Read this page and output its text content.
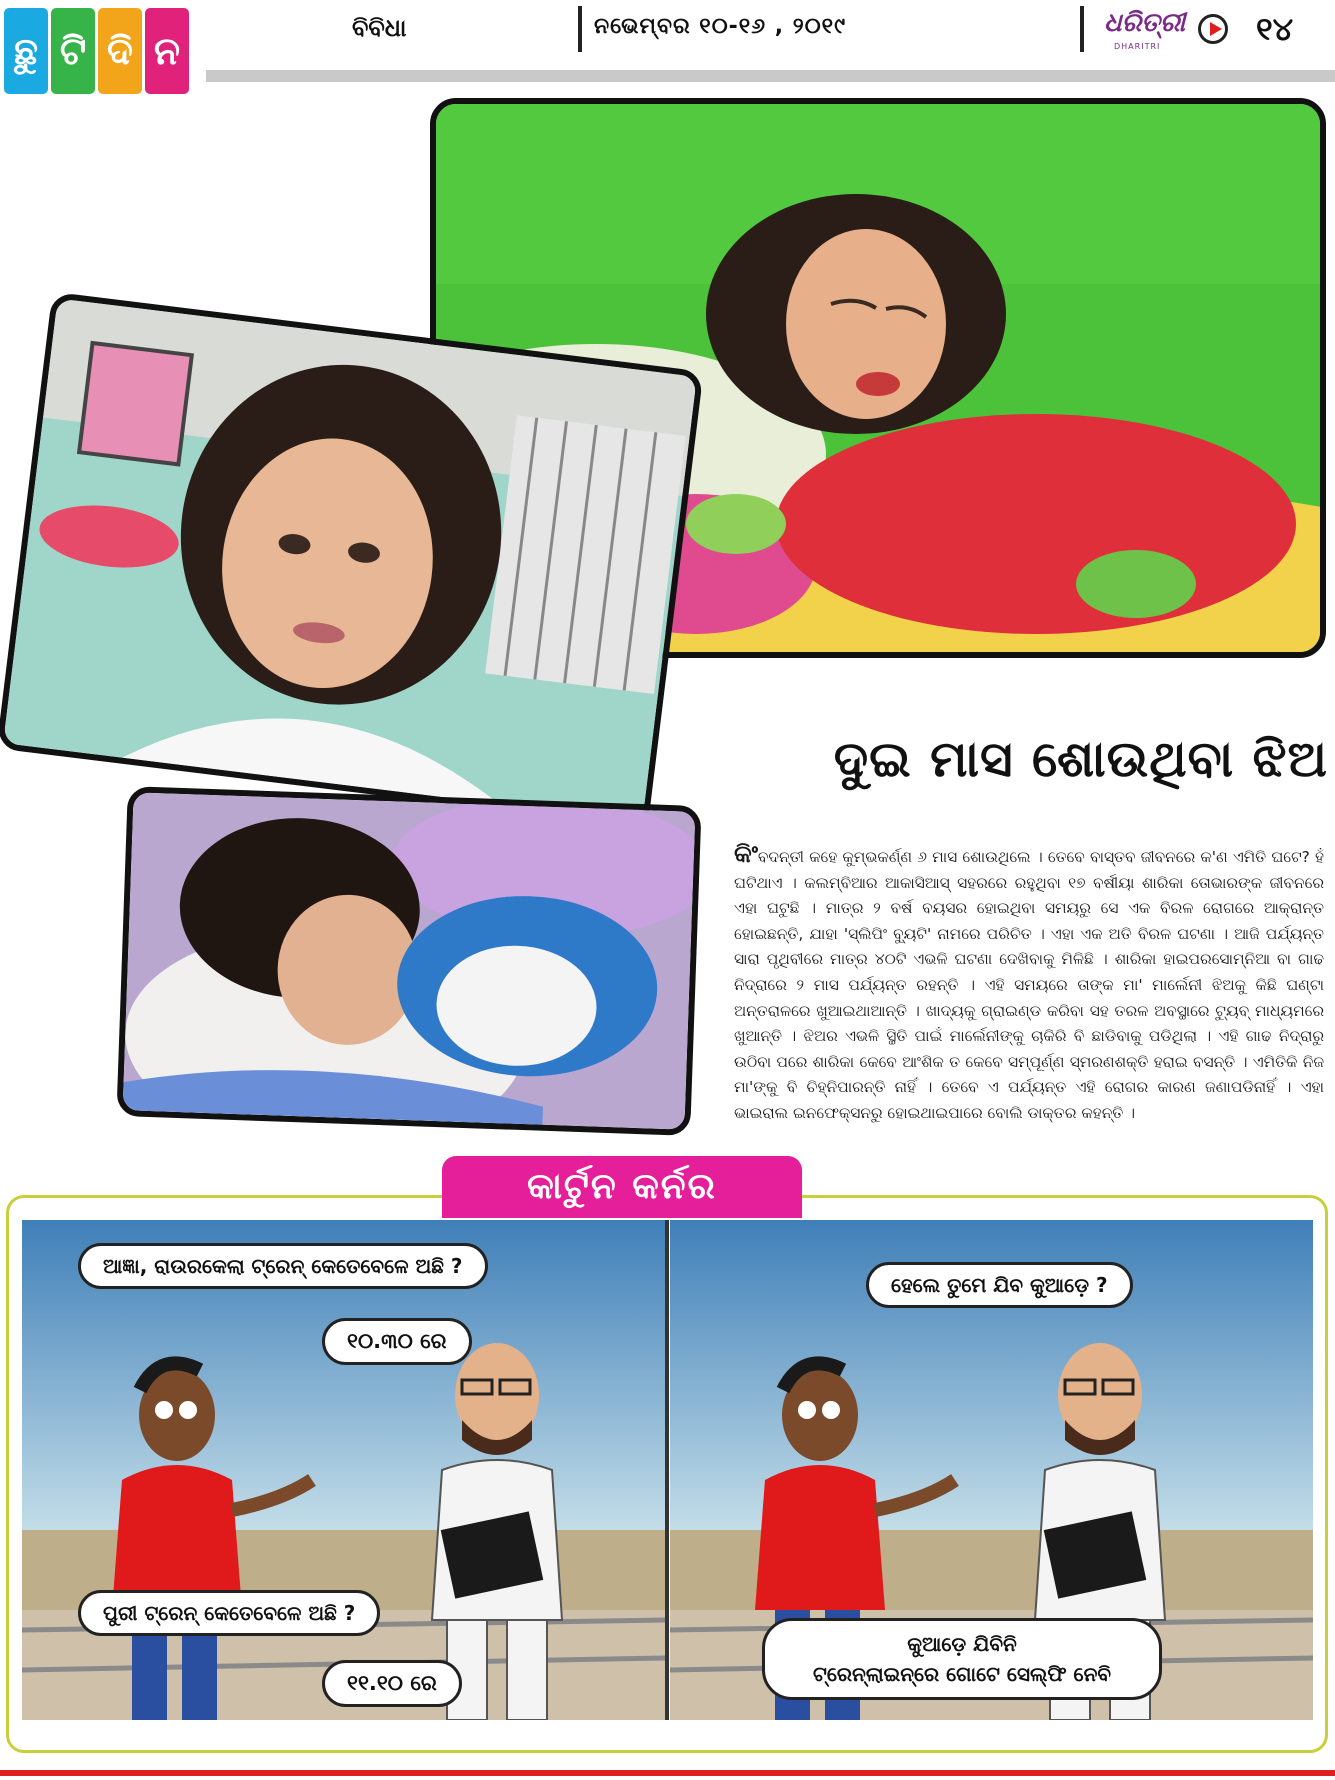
ଛୁ ଟି ଦି ନ
ବିବିଧା	ନଭେମ୍ବର ୧୦-୧୬ , ୨୦୧୯	ଧରିତ୍ରୀ
DHARITRI	୧୪
ଦୁଇ ମାସ ଶୋଉଥିବା ଝିଅ
କିଂବଦନ୍ତୀ କହେ କୁମ୍ଭକର୍ଣ୍ଣ ୬ ମାସ ଶୋଉଥିଲେ । ତେବେ ବାସ୍ତବ ଜୀବନରେ କ'ଣ ଏମିତି ଘଟେ? ହଁ ଘଟିଥାଏ । କଲମ୍ବିଆର ଆକାସିଆସ୍ ସହରରେ ରହୁଥିବା ୧୭ ବର୍ଷୀୟା ଶାରିକା ତୋଭାରଙ୍କ ଜୀବନରେ ଏହା ଘଟୁଛି । ମାତ୍ର ୨ ବର୍ଷ ବୟସର ହୋଇଥିବା ସମୟରୁ ସେ ଏକ ବିରଳ ରୋଗରେ ଆକ୍ରାନ୍ତ ହୋଇଛନ୍ତି, ଯାହା 'ସ୍ଲିପିଂ ବ୍ୟୁଟି' ନାମରେ ପରିଚିତ । ଏହା ଏକ ଅତି ବିରଳ ଘଟଣା । ଆଜି ପର୍ଯ୍ୟନ୍ତ ସାରା ପୃଥିବୀରେ ମାତ୍ର ୪୦ଟି ଏଭଳି ଘଟଣା ଦେଖିବାକୁ ମିଳିଛି । ଶାରିକା ହାଇପରସୋମ୍ନିଆ ବା ଗାଢ ନିଦ୍ରାରେ ୨ ମାସ ପର୍ଯ୍ୟନ୍ତ ରହନ୍ତି । ଏହି ସମୟରେ ତାଙ୍କ ମା' ମାର୍ଲେନୀ ଝିଅକୁ କିଛି ଘଣ୍ଟା ଅନ୍ତରାଳରେ ଖୁଆଇଥାଆନ୍ତି । ଖାଦ୍ୟକୁ ଗ୍ରାଇଣ୍ଡ କରିବା ସହ ତରଳ ଅବସ୍ଥାରେ ଟ୍ୟୁବ୍ ମାଧ୍ୟମରେ ଖୁଆନ୍ତି । ଝିଅର ଏଭଳି ସ୍ଥିତି ପାଇଁ ମାର୍ଲେନୀଙ୍କୁ ଚାକିରି ବି ଛାଡିବାକୁ ପଡିଥିଲା । ଏହି ଗାଢ ନିଦ୍ରାରୁ ଉଠିବା ପରେ ଶାରିକା କେବେ ଆଂଶିକ ତ କେବେ ସମ୍ପୂର୍ଣ୍ଣ ସ୍ମରଣଶକ୍ତି ହରାଇ ବସନ୍ତି । ଏମିତିକି ନିଜ ମା'ଙ୍କୁ ବି ଚିହ୍ନିପାରନ୍ତି ନାହିଁ । ତେବେ ଏ ପର୍ଯ୍ୟନ୍ତ ଏହି ରୋଗର କାରଣ ଜଣାପଡିନାହିଁ । ଏହା ଭାଇରାଲ ଇନଫେକ୍ସନରୁ ହୋଇଥାଇପାରେ ବୋଲି ଡାକ୍ତର କହନ୍ତି ।
କାର୍ଟୁନ କର୍ନର
ଆଜ୍ଞା, ରାଉରକେଲା ଟ୍ରେନ୍ କେତେବେଳେ ଅଛି ?
୧୦.୩୦ ରେ
ପୁରୀ ଟ୍ରେନ୍ କେତେବେଳେ ଅଛି ?
୧୧.୧୦ ରେ
ହେଲେ ତୁମେ ଯିବ କୁଆଡ଼େ ?
କୁଆଡ଼େ ଯିବିନି
ଟ୍ରେନ୍‌ଲାଇନ୍‌ରେ ଗୋଟେ ସେଲ୍‌ଫି ନେବି
